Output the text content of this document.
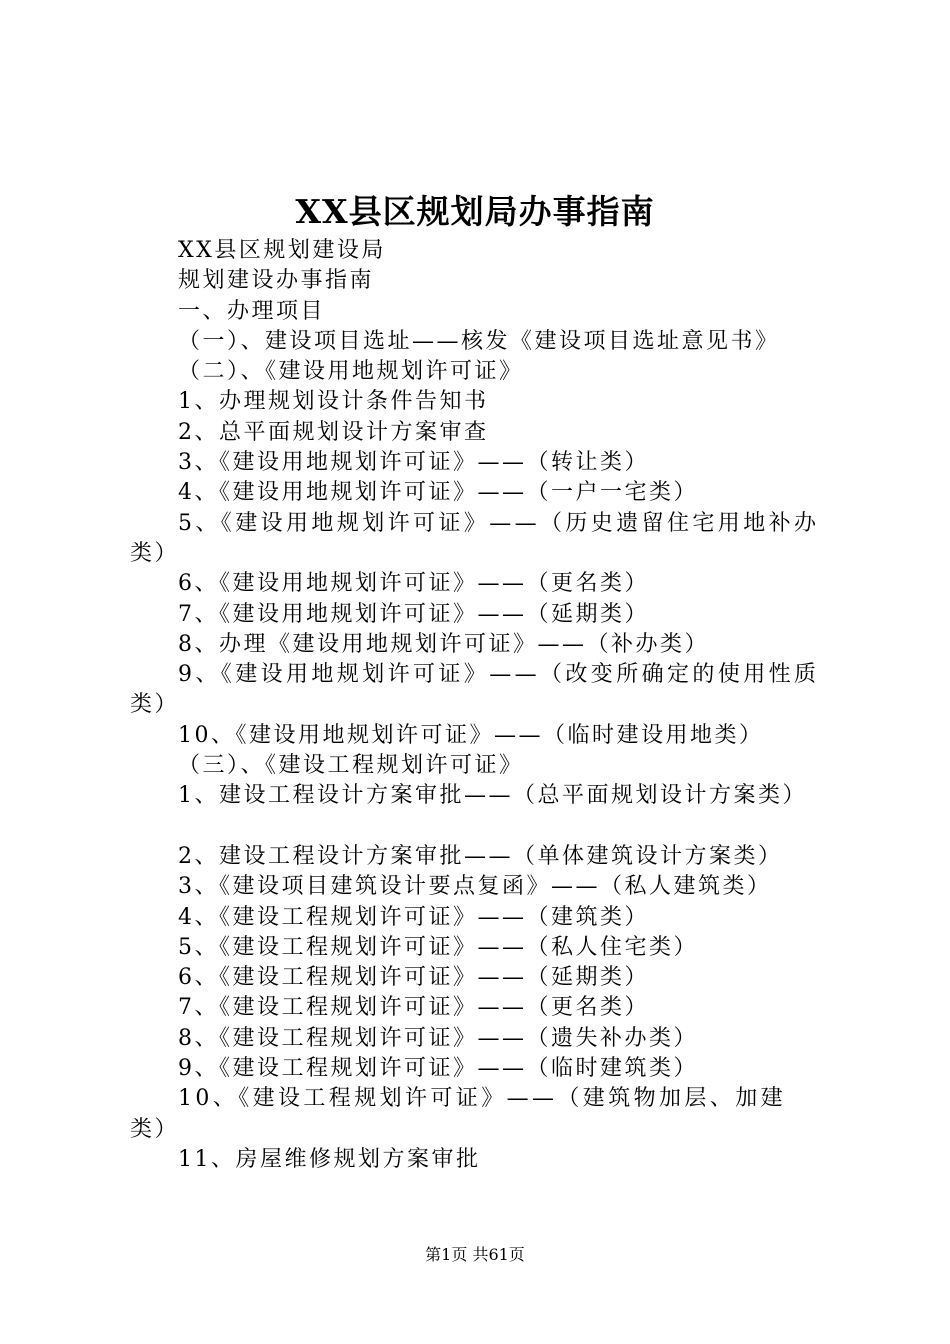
XX县区规划局办事指南
XX县区规划建设局
规划建设办事指南
一、办理项目
（一）、建设项目选址——核发《建设项目选址意见书》
（二）、《建设用地规划许可证》
1、办理规划设计条件告知书
2、总平面规划设计方案审查
3、《建设用地规划许可证》——（转让类）
4、《建设用地规划许可证》——（一户一宅类）
5、《建设用地规划许可证》——（历史遗留住宅用地补办
类）
6、《建设用地规划许可证》——（更名类）
7、《建设用地规划许可证》——（延期类）
8、办理《建设用地规划许可证》——（补办类）
9、《建设用地规划许可证》——（改变所确定的使用性质
类）
10、《建设用地规划许可证》——（临时建设用地类）
（三）、《建设工程规划许可证》
1、建设工程设计方案审批——（总平面规划设计方案类）
2、建设工程设计方案审批——（单体建筑设计方案类）
3、《建设项目建筑设计要点复函》——（私人建筑类）
4、《建设工程规划许可证》——（建筑类）
5、《建设工程规划许可证》——（私人住宅类）
6、《建设工程规划许可证》——（延期类）
7、《建设工程规划许可证》——（更名类）
8、《建设工程规划许可证》——（遗失补办类）
9、《建设工程规划许可证》——（临时建筑类）
10、《建设工程规划许可证》——（建筑物加层、加建
类）
11、房屋维修规划方案审批
第1页 共61页
